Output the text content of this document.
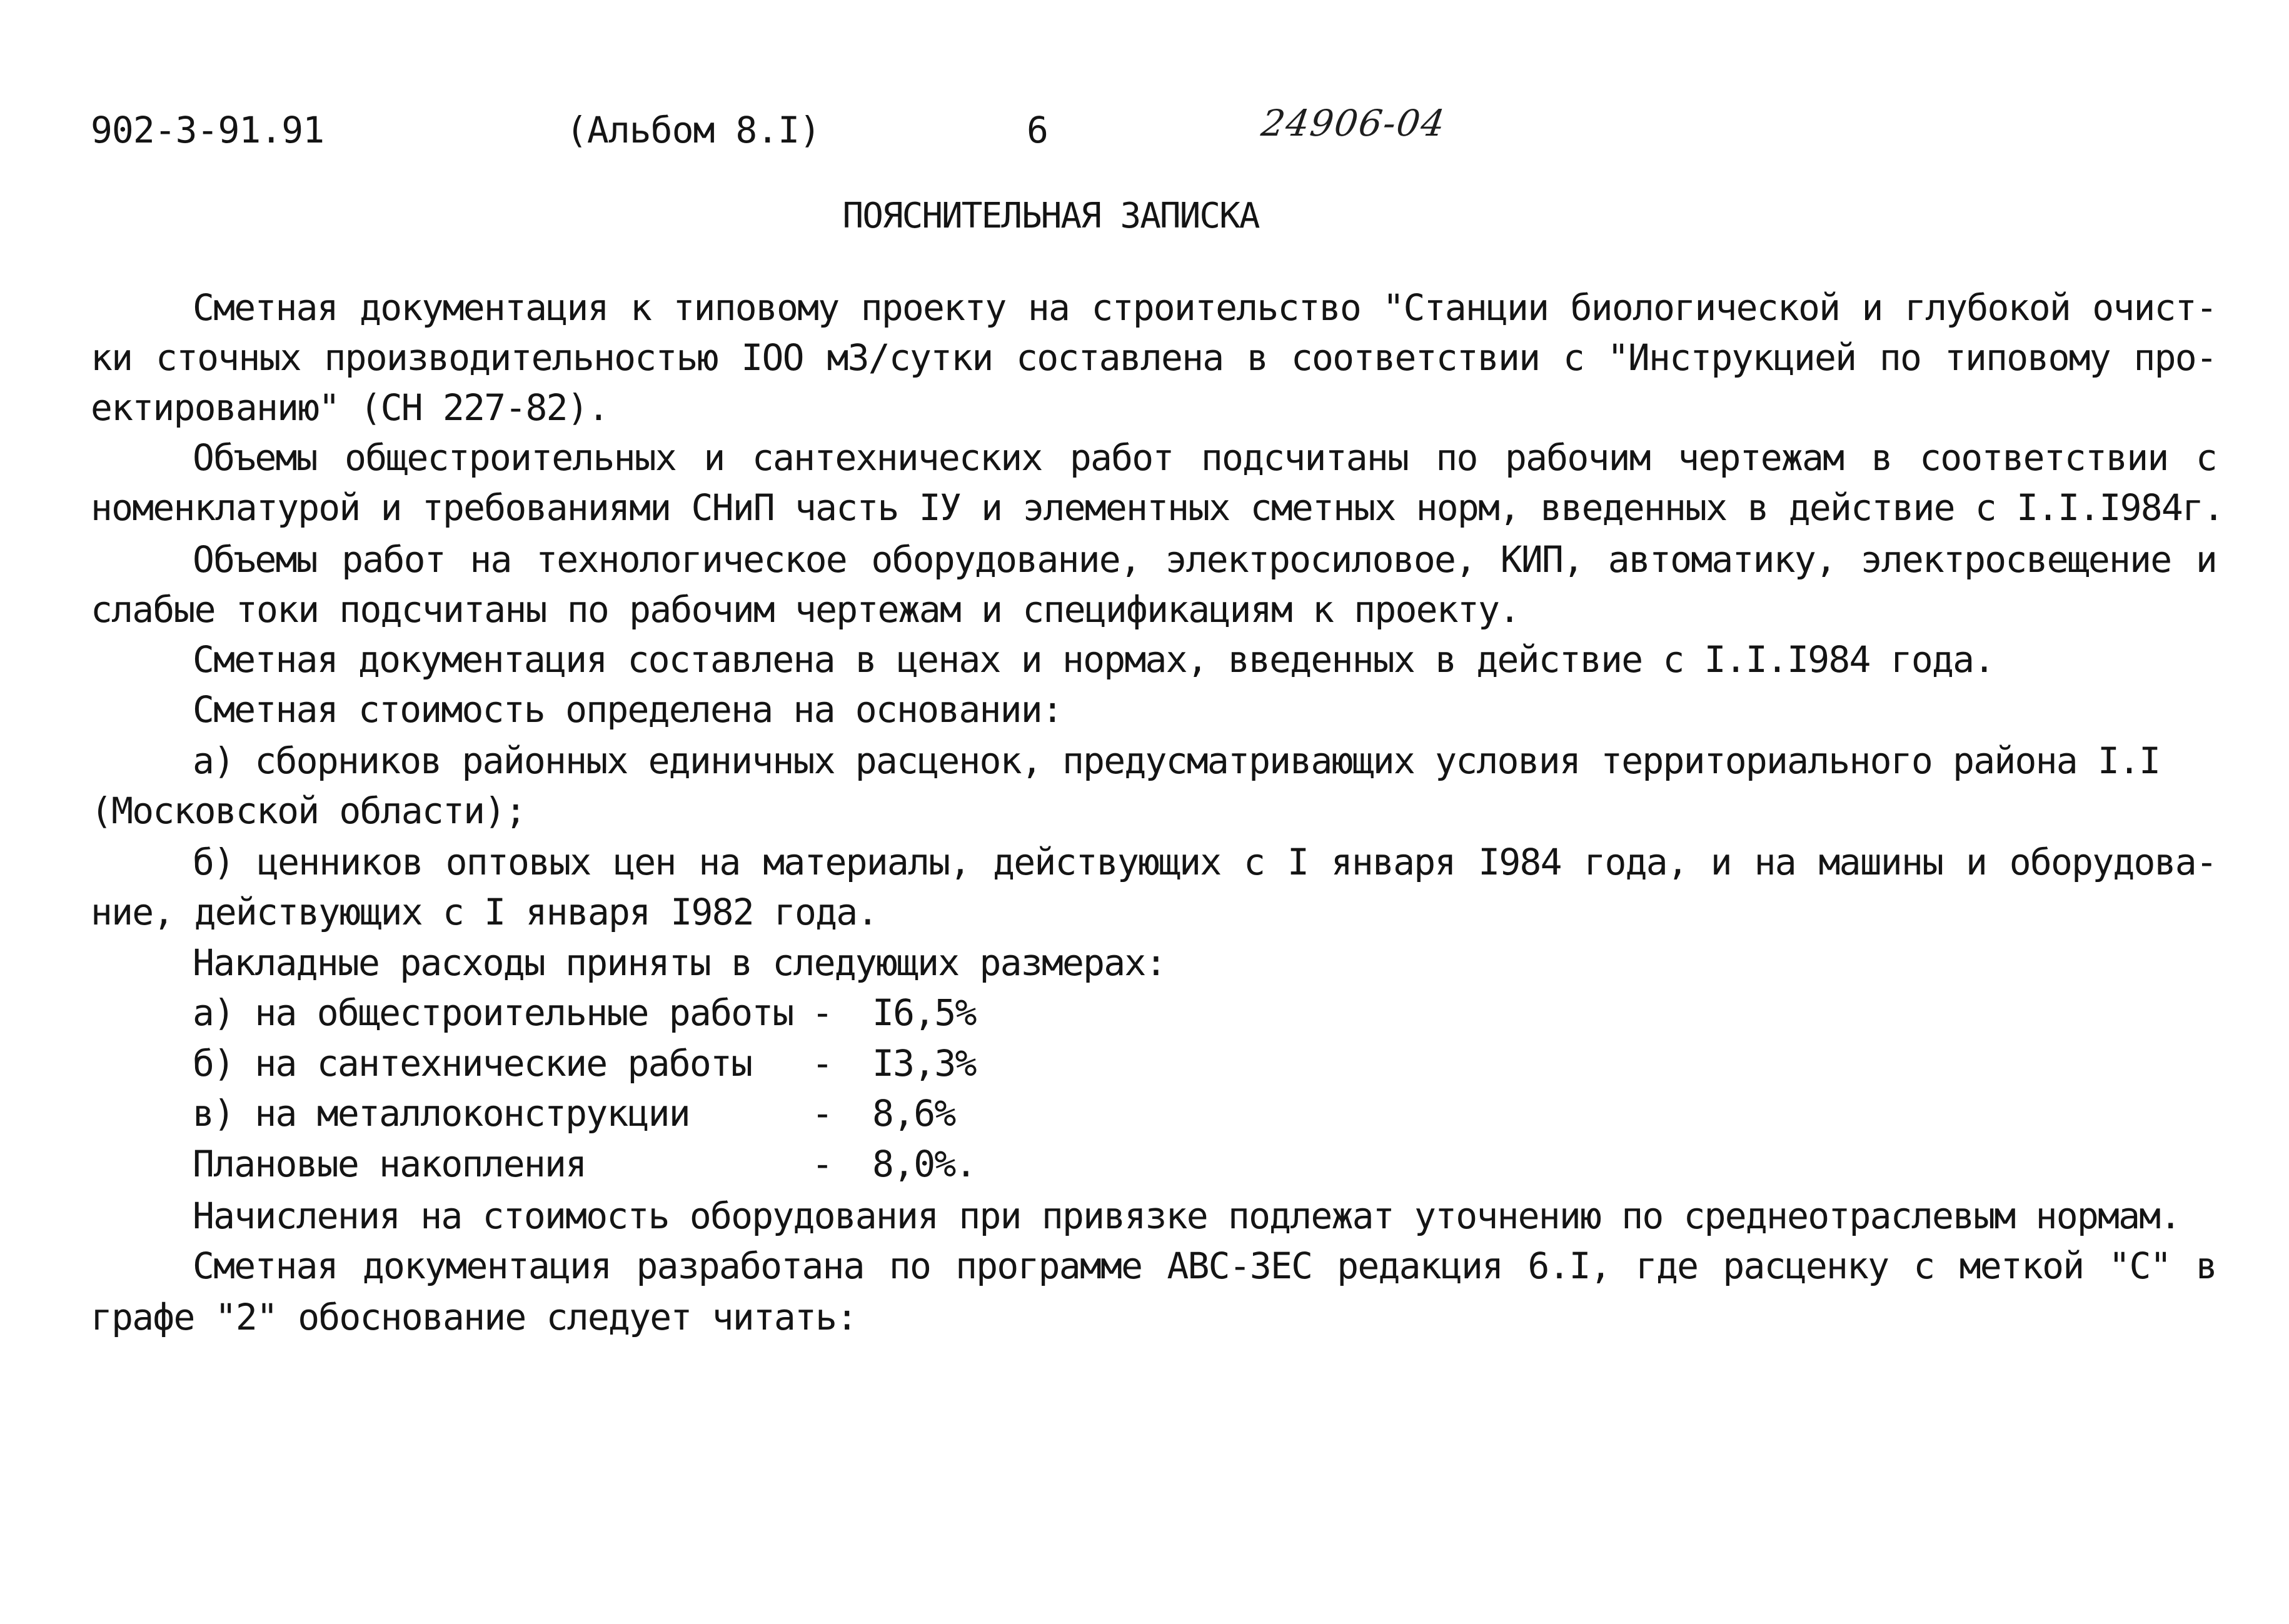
902-3-91.91	(Альбом 8.I)	6	24906-04
ПОЯСНИТЕЛЬНАЯ ЗАПИСКА
Сметная документация к типовому проекту на строительство "Станции биологической и глубокой очист-
ки сточных производительностью IOO м3/сутки составлена в соответствии с "Инструкцией по типовому про-
ектированию" (СН 227-82).
Объемы общестроительных и сантехнических работ подсчитаны по рабочим чертежам в соответствии с
номенклатурой и требованиями СНиП часть IУ и элементных сметных норм, введенных в действие с I.I.I984г.
Объемы работ на технологическое оборудование, электросиловое, КИП, автоматику, электросвещение и
слабые токи подсчитаны по рабочим чертежам и спецификациям к проекту.
Сметная документация составлена в ценах и нормах, введенных в действие с I.I.I984 года.
Сметная стоимость определена на основании:
а) сборников районных единичных расценок, предусматривающих условия территориального района I.I
(Московской области);
б) ценников оптовых цен на материалы, действующих с I января I984 года, и на машины и оборудова-
ние, действующих с I января I982 года.
Накладные расходы приняты в следующих размерах:
а) на общестроительные работы - I6,5%
б) на сантехнические работы - I3,3%
в) на металлоконструкции	- 8,6%
Плановые накопления	- 8,0%.
Начисления на стоимость оборудования при привязке подлежат уточнению по среднеотраслевым нормам.
Сметная документация разработана по программе АВС-3ЕС редакция 6.I, где расценку с меткой "С" в
графе "2" обоснование следует читать:
